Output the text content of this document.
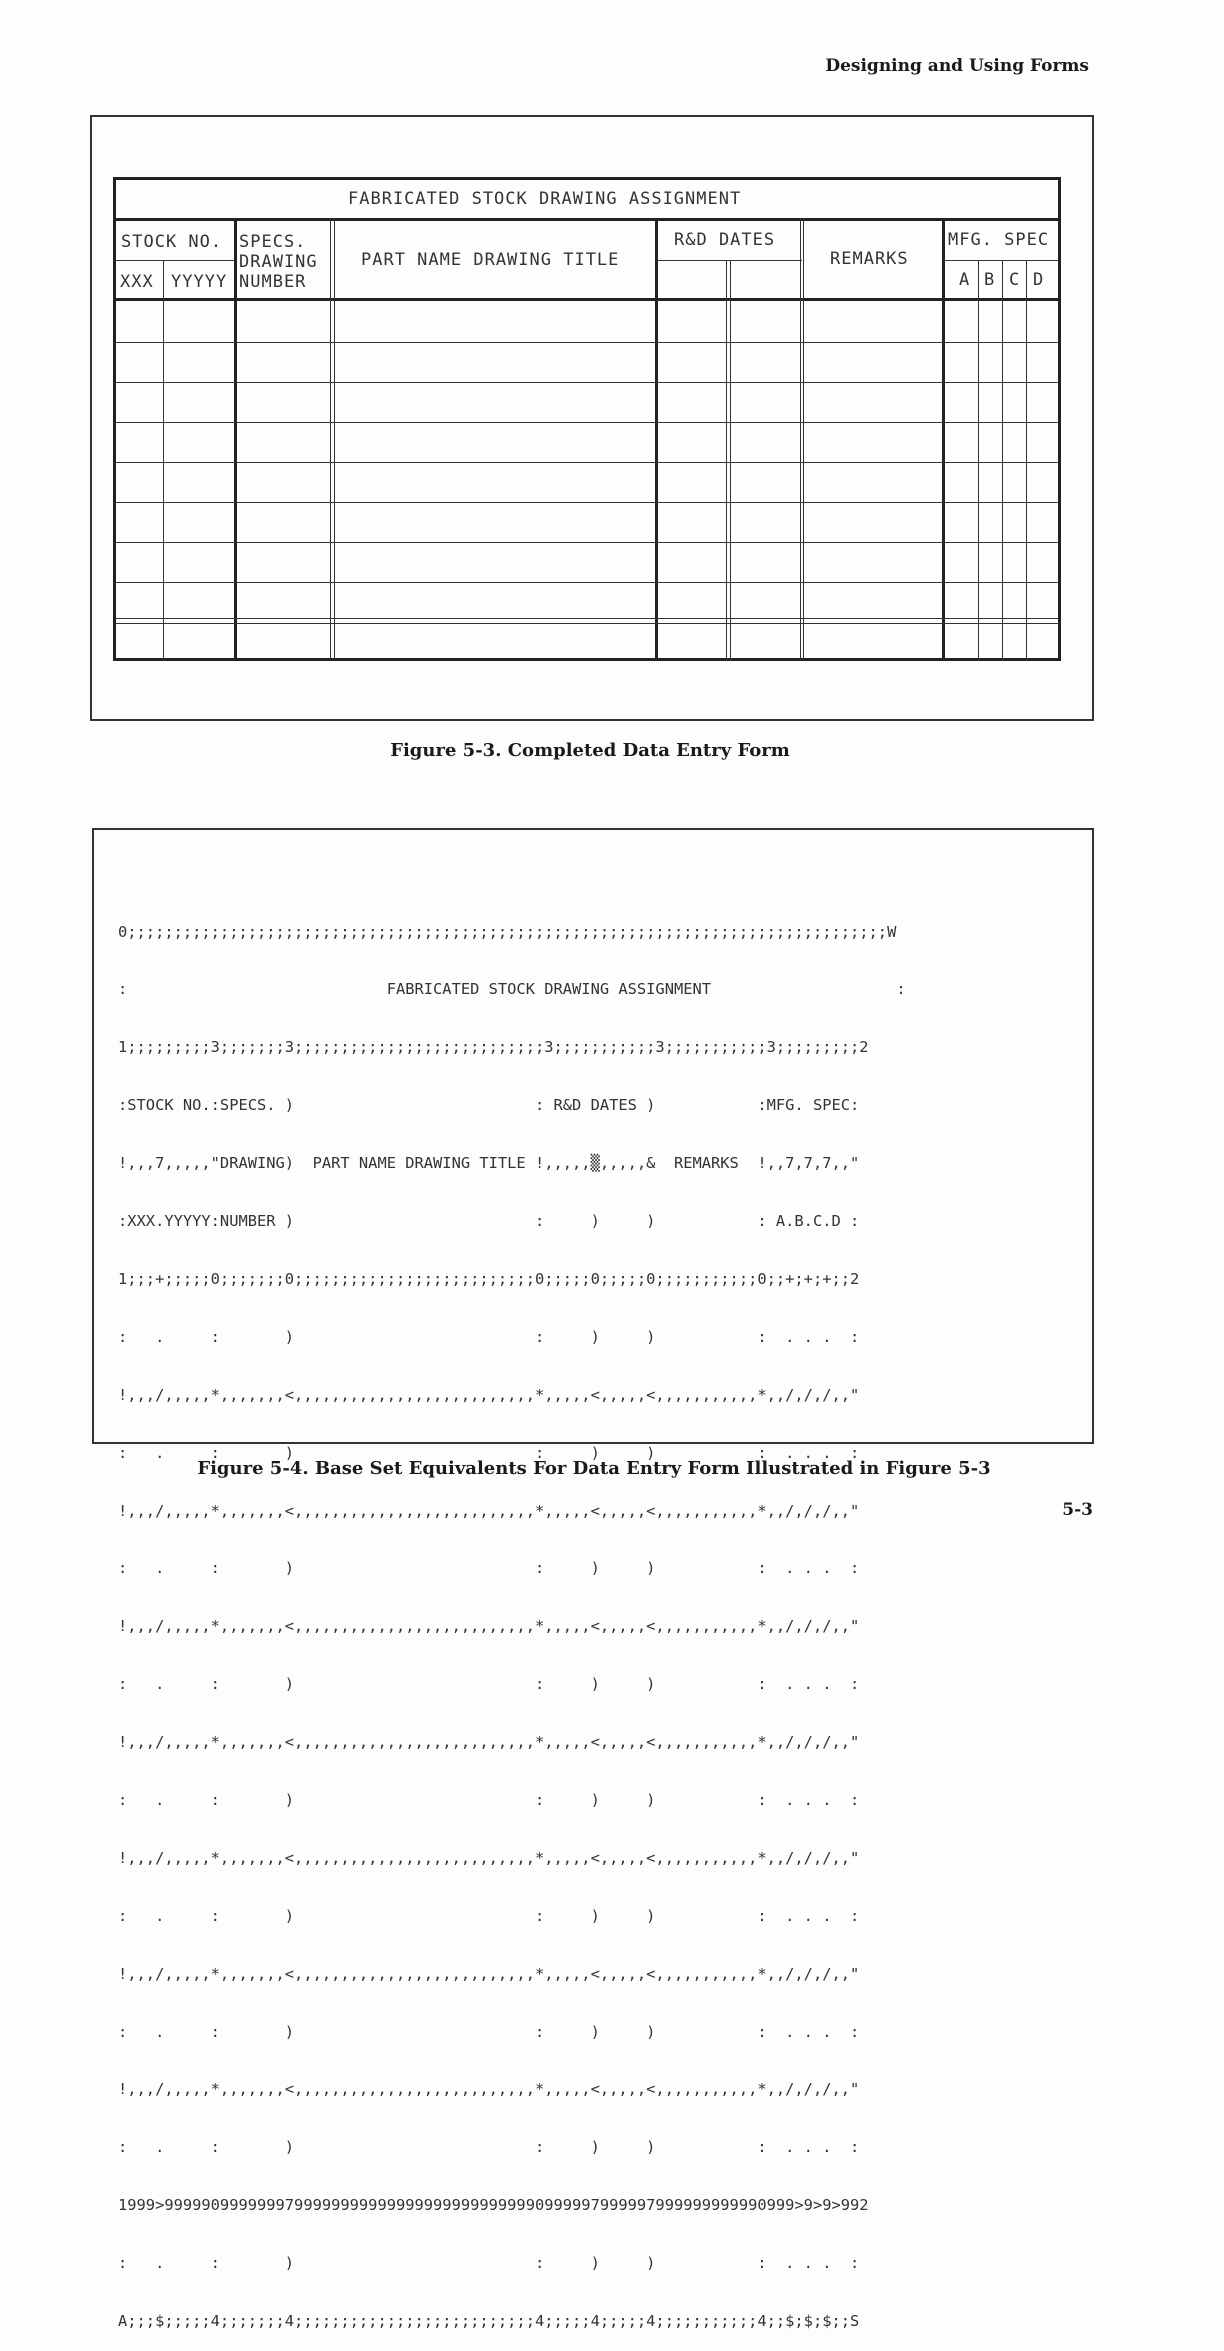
Designing and Using Forms
FABRICATED STOCK DRAWING ASSIGNMENT
STOCK NO.
XXX YYYYY
SPECS.
DRAWING
NUMBER
PART NAME DRAWING TITLE
R&D DATES
REMARKS
MFG. SPEC
A B C D
Figure 5-3. Completed Data Entry Form

0;;;;;;;;;;;;;;;;;;;;;;;;;;;;;;;;;;;;;;;;;;;;;;;;;;;;;;;;;;;;;;;;;;;;;;;;;;;;;;;;;;W

:                            FABRICATED STOCK DRAWING ASSIGNMENT                    :

1;;;;;;;;;3;;;;;;;3;;;;;;;;;;;;;;;;;;;;;;;;;;;3;;;;;;;;;;;3;;;;;;;;;;;3;;;;;;;;;2

:STOCK NO.:SPECS. )                          : R&D DATES )           :MFG. SPEC:

!,,,7,,,,,"DRAWING)  PART NAME DRAWING TITLE !,,,,,▒,,,,,&  REMARKS  !,,7,7,7,,"

:XXX.YYYYY:NUMBER )                          :     )     )           : A.B.C.D :

1;;;+;;;;;0;;;;;;;0;;;;;;;;;;;;;;;;;;;;;;;;;;0;;;;;0;;;;;0;;;;;;;;;;;0;;+;+;+;;2

:   .     :       )                          :     )     )           :  . . .  :

!,,,/,,,,,*,,,,,,,<,,,,,,,,,,,,,,,,,,,,,,,,,,*,,,,,<,,,,,<,,,,,,,,,,,*,,/,/,/,,"

:   .     :       )                          :     )     )           :  . . .  :

!,,,/,,,,,*,,,,,,,<,,,,,,,,,,,,,,,,,,,,,,,,,,*,,,,,<,,,,,<,,,,,,,,,,,*,,/,/,/,,"

:   .     :       )                          :     )     )           :  . . .  :

!,,,/,,,,,*,,,,,,,<,,,,,,,,,,,,,,,,,,,,,,,,,,*,,,,,<,,,,,<,,,,,,,,,,,*,,/,/,/,,"

:   .     :       )                          :     )     )           :  . . .  :

!,,,/,,,,,*,,,,,,,<,,,,,,,,,,,,,,,,,,,,,,,,,,*,,,,,<,,,,,<,,,,,,,,,,,*,,/,/,/,,"

:   .     :       )                          :     )     )           :  . . .  :

!,,,/,,,,,*,,,,,,,<,,,,,,,,,,,,,,,,,,,,,,,,,,*,,,,,<,,,,,<,,,,,,,,,,,*,,/,/,/,,"

:   .     :       )                          :     )     )           :  . . .  :

!,,,/,,,,,*,,,,,,,<,,,,,,,,,,,,,,,,,,,,,,,,,,*,,,,,<,,,,,<,,,,,,,,,,,*,,/,/,/,,"

:   .     :       )                          :     )     )           :  . . .  :

!,,,/,,,,,*,,,,,,,<,,,,,,,,,,,,,,,,,,,,,,,,,,*,,,,,<,,,,,<,,,,,,,,,,,*,,/,/,/,,"

:   .     :       )                          :     )     )           :  . . .  :

1999>99999099999997999999999999999999999999990999997999997999999999990999>9>9>992

:   .     :       )                          :     )     )           :  . . .  :

A;;;$;;;;;4;;;;;;;4;;;;;;;;;;;;;;;;;;;;;;;;;;4;;;;;4;;;;;4;;;;;;;;;;;4;;$;$;$;;S

Figure 5-4. Base Set Equivalents For Data Entry Form Illustrated in Figure 5-3
5-3
